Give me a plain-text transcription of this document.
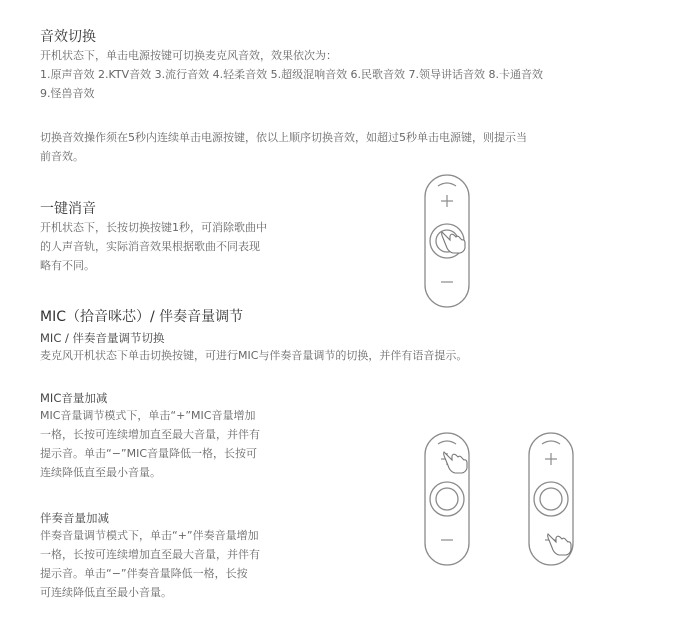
音效切换
开机状态下，单击电源按键可切换麦克风音效，效果依次为：
1.原声音效 2.KTV音效 3.流行音效 4.轻柔音效 5.超级混响音效 6.民歌音效 7.领导讲话音效 8.卡通音效
9.怪兽音效
切换音效操作须在5秒内连续单击电源按键，依以上顺序切换音效，如超过5秒单击电源键，则提示当
前音效。
一键消音
开机状态下，长按切换按键1秒，可消除歌曲中
的人声音轨，实际消音效果根据歌曲不同表现
略有不同。
MIC（拾音咪芯）/ 伴奏音量调节
MIC / 伴奏音量调节切换
麦克风开机状态下单击切换按键，可进行MIC与伴奏音量调节的切换，并伴有语音提示。
MIC音量加减
MIC音量调节模式下，单击“+”MIC音量增加
一格，长按可连续增加直至最大音量，并伴有
提示音。单击“−”MIC音量降低一格，长按可
连续降低直至最小音量。
伴奏音量加减
伴奏音量调节模式下，单击“+”伴奏音量增加
一格，长按可连续增加直至最大音量，并伴有
提示音。单击“−”伴奏音量降低一格，长按
可连续降低直至最小音量。
